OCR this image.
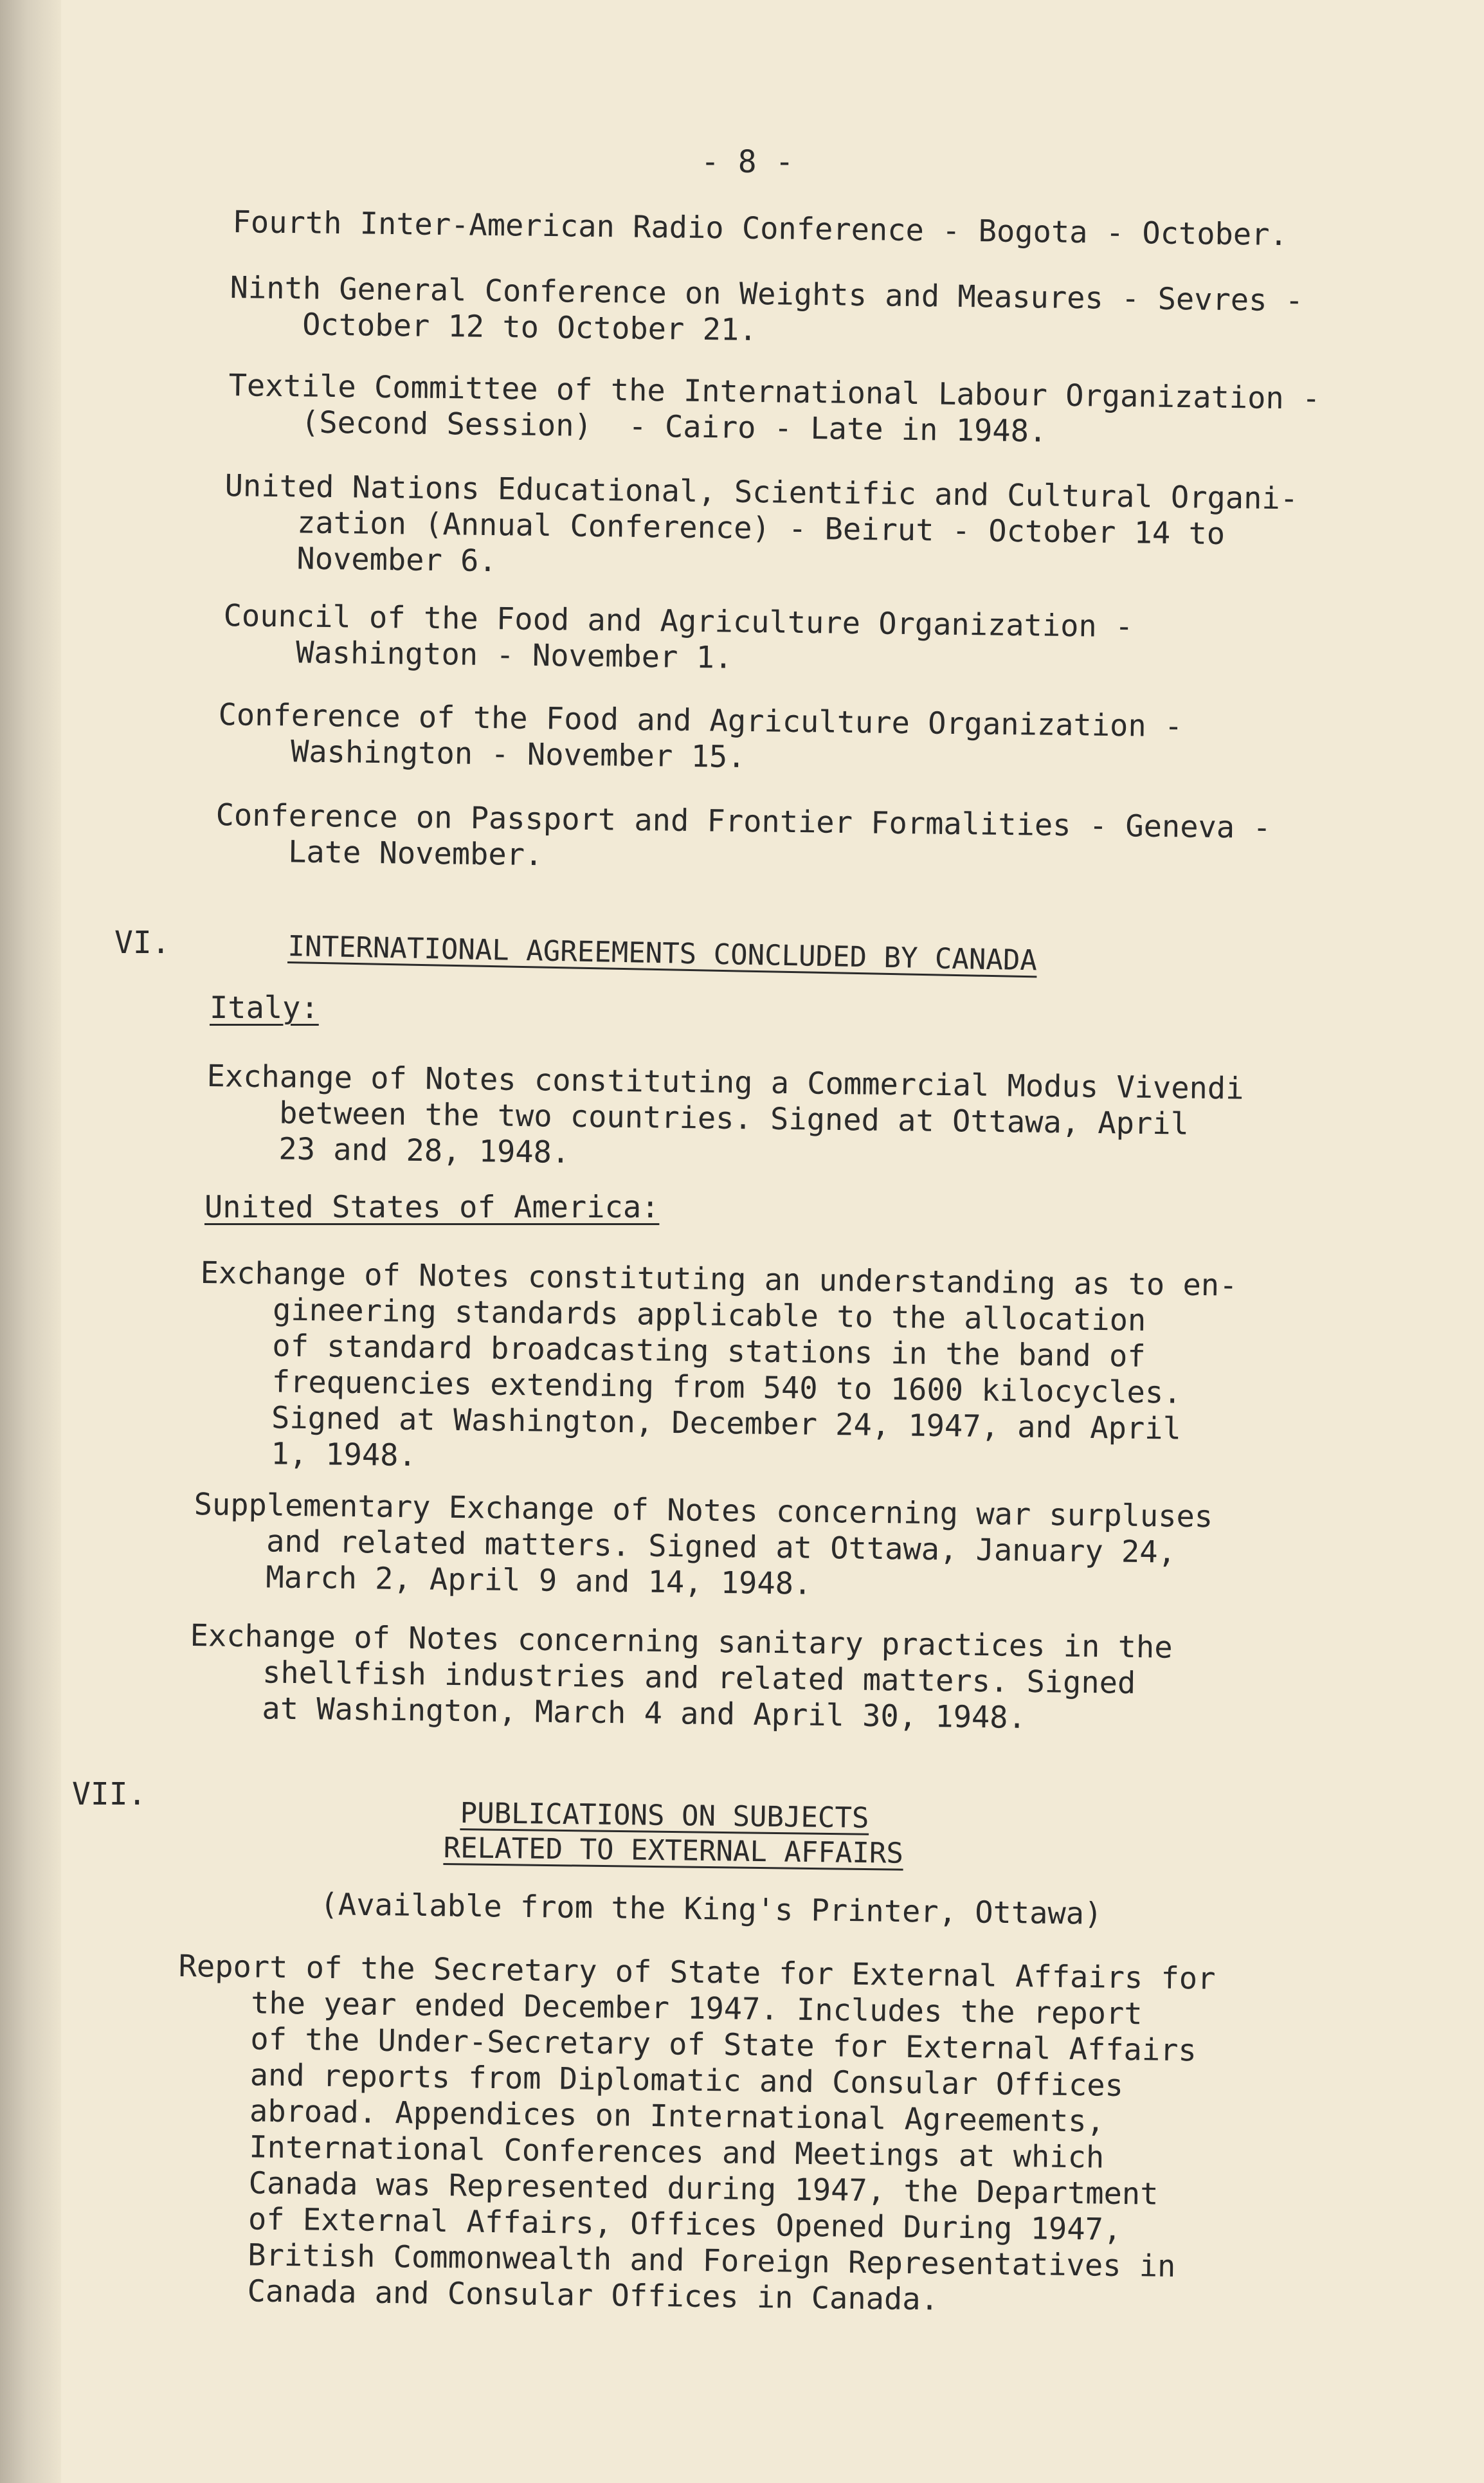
- 8 -
Fourth Inter-American Radio Conference - Bogota - October.
Ninth General Conference on Weights and Measures - Sevres -
October 12 to October 21.
Textile Committee of the International Labour Organization -
(Second Session)  - Cairo - Late in 1948.
United Nations Educational, Scientific and Cultural Organi-
zation (Annual Conference) - Beirut - October 14 to
November 6.
Council of the Food and Agriculture Organization -
Washington - November 1.
Conference of the Food and Agriculture Organization -
Washington - November 15.
Conference on Passport and Frontier Formalities - Geneva -
Late November.
VI.	INTERNATIONAL AGREEMENTS CONCLUDED BY CANADA
Italy:
Exchange of Notes constituting a Commercial Modus Vivendi
between the two countries. Signed at Ottawa, April
23 and 28, 1948.
United States of America:
Exchange of Notes constituting an understanding as to en-
gineering standards applicable to the allocation
of standard broadcasting stations in the band of
frequencies extending from 540 to 1600 kilocycles.
Signed at Washington, December 24, 1947, and April
1, 1948.
Supplementary Exchange of Notes concerning war surpluses
and related matters. Signed at Ottawa, January 24,
March 2, April 9 and 14, 1948.
Exchange of Notes concerning sanitary practices in the
shellfish industries and related matters. Signed
at Washington, March 4 and April 30, 1948.
VII.
PUBLICATIONS ON SUBJECTS
RELATED TO EXTERNAL AFFAIRS
(Available from the King's Printer, Ottawa)
Report of the Secretary of State for External Affairs for
the year ended December 1947. Includes the report
of the Under-Secretary of State for External Affairs
and reports from Diplomatic and Consular Offices
abroad. Appendices on International Agreements,
International Conferences and Meetings at which
Canada was Represented during 1947, the Department
of External Affairs, Offices Opened During 1947,
British Commonwealth and Foreign Representatives in
Canada and Consular Offices in Canada.
